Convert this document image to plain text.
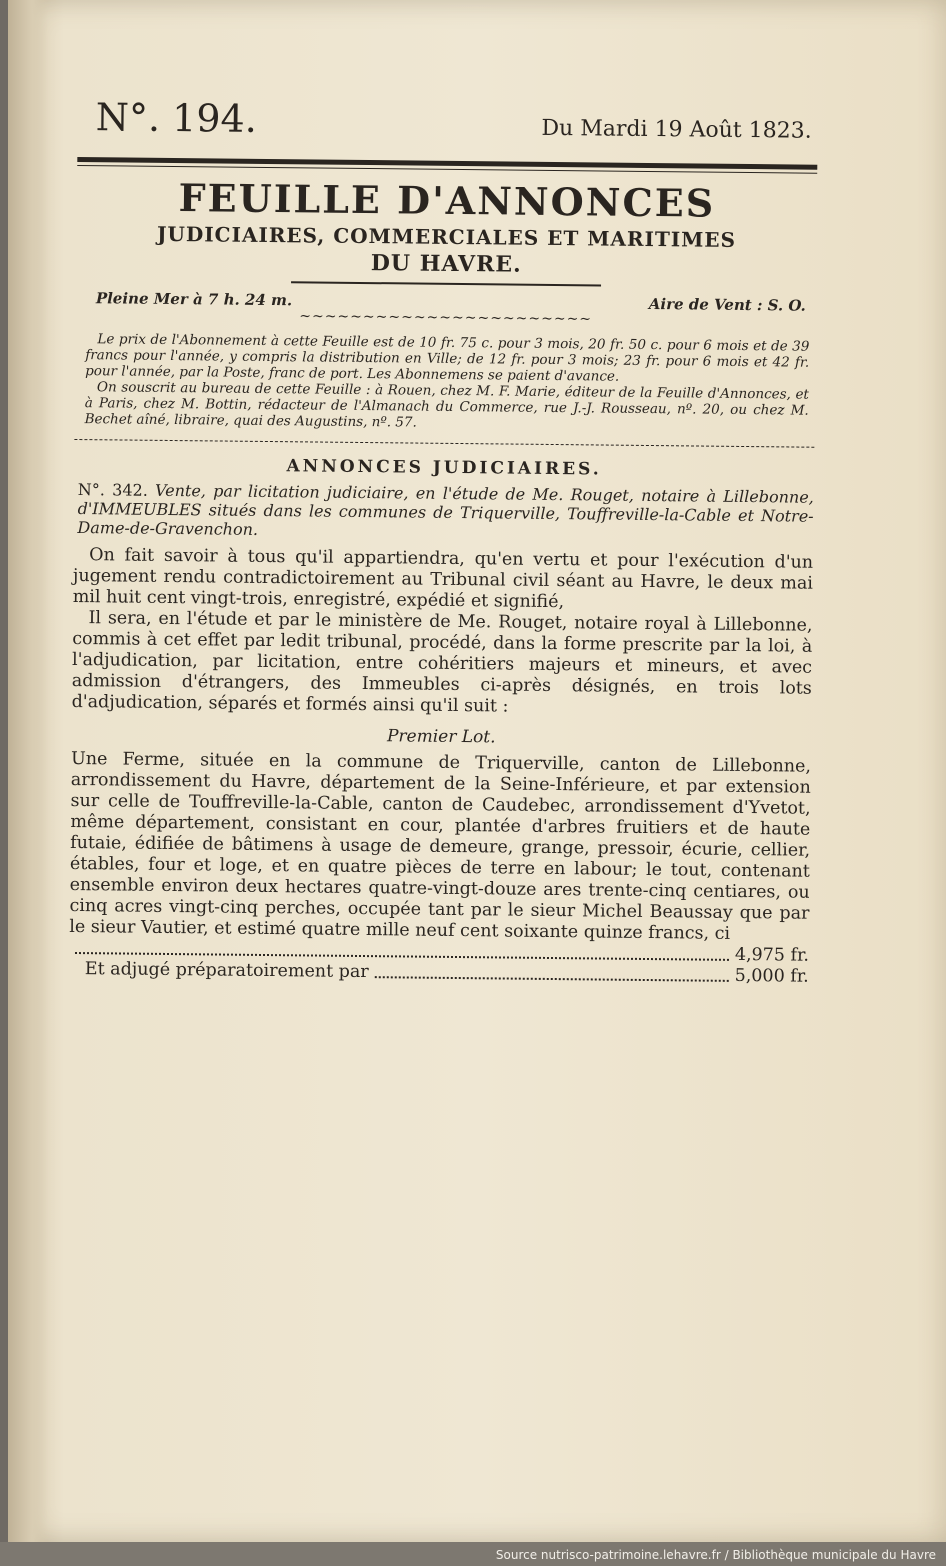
N°. 194.	Du Mardi 19 Août 1823.
FEUILLE D'ANNONCES
JUDICIAIRES, COMMERCIALES ET MARITIMES
DU HAVRE.
Pleine Mer à 7 h. 24 m.	Aire de Vent : S. O.
~~~~~~~~~~~~~~~~~~~~~~~

Le prix de l'Abonnement à cette Feuille est de 10 fr. 75 c. pour 3 mois, 20 fr. 50 c. pour 6 mois et de 39 francs pour l'année, y compris la distribution en Ville; de 12 fr. pour 3 mois; 23 fr. pour 6 mois et 42 fr. pour l'année, par la Poste, franc de port. Les Abonnemens se paient d'avance.

On souscrit au bureau de cette Feuille : à Rouen, chez M. F. Marie, éditeur de la Feuille d'Annonces, et à Paris, chez M. Bottin, rédacteur de l'Almanach du Commerce, rue J.-J. Rousseau, nº. 20, ou chez M. Bechet aîné, libraire, quai des Augustins, nº. 57.

ANNONCES JUDICIAIRES.
N°. 342. Vente, par licitation judiciaire, en l'étude de Me. Rouget, notaire à Lillebonne, d'IMMEUBLES situés dans les communes de Triquerville, Touffreville-la-Cable et Notre-Dame-de-Gravenchon.

On fait savoir à tous qu'il appartiendra, qu'en vertu et pour l'exécution d'un jugement rendu contradictoirement au Tribunal civil séant au Havre, le deux mai mil huit cent vingt-trois, enregistré, expédié et signifié,

Il sera, en l'étude et par le ministère de Me. Rouget, notaire royal à Lillebonne, commis à cet effet par ledit tribunal, procédé, dans la forme prescrite par la loi, à l'adjudication, par licitation, entre cohéritiers majeurs et mineurs, et avec admission d'étrangers, des Immeubles ci-après désignés, en trois lots d'adjudication, séparés et formés ainsi qu'il suit :

Premier Lot.

Une Ferme, située en la commune de Triquerville, canton de Lillebonne, arrondissement du Havre, département de la Seine-Inférieure, et par extension sur celle de Touffreville-la-Cable, canton de Caudebec, arrondissement d'Yvetot, même département, consistant en cour, plantée d'arbres fruitiers et de haute futaie, édifiée de bâtimens à usage de demeure, grange, pressoir, écurie, cellier, étables, four et loge, et en quatre pièces de terre en labour; le tout, contenant ensemble environ deux hectares quatre-vingt-douze ares trente-cinq centiares, ou cinq acres vingt-cinq perches, occupée tant par le sieur Michel Beaussay que par le sieur Vautier, et estimé quatre mille neuf cent soixante quinze francs, ci

4,975 fr.
Et adjugé préparatoirement par	5,000 fr.
Source nutrisco-patrimoine.lehavre.fr / Bibliothèque municipale du Havre
